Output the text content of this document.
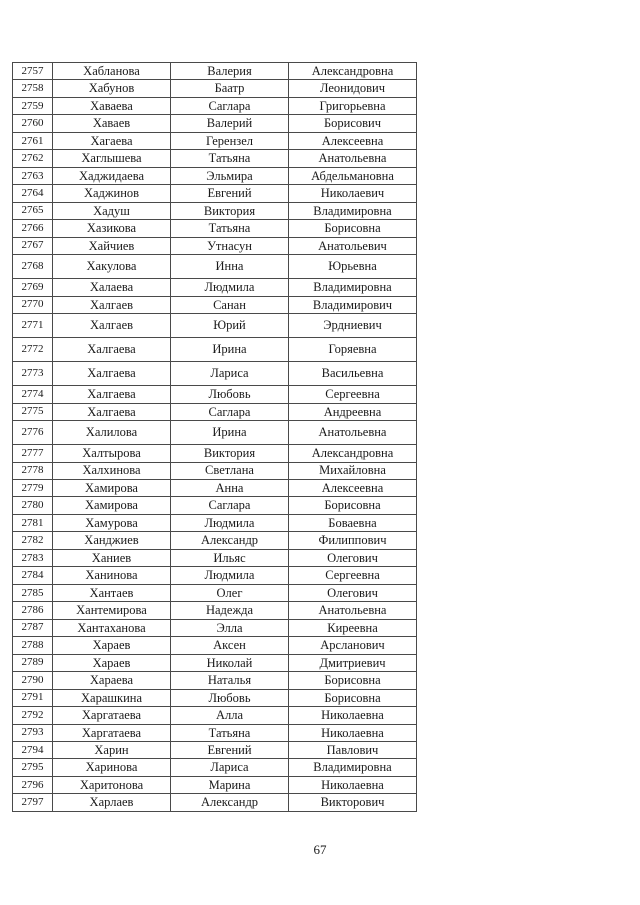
2757	Хабланова	Валерия	Александровна
2758	Хабунов	Баатр	Леонидович
2759	Хаваева	Саглара	Григорьевна
2760	Хаваев	Валерий	Борисович
2761	Хагаева	Герензел	Алексеевна
2762	Хаглышева	Татьяна	Анатольевна
2763	Хаджидаева	Эльмира	Абдельмановна
2764	Хаджинов	Евгений	Николаевич
2765	Хадуш	Виктория	Владимировна
2766	Хазикова	Татьяна	Борисовна
2767	Хайчиев	Утнасун	Анатольевич
2768	Хакулова	Инна	Юрьевна
2769	Халаева	Людмила	Владимировна
2770	Халгаев	Санан	Владимирович
2771	Халгаев	Юрий	Эрдниевич
2772	Халгаева	Ирина	Горяевна
2773	Халгаева	Лариса	Васильевна
2774	Халгаева	Любовь	Сергеевна
2775	Халгаева	Саглара	Андреевна
2776	Халилова	Ирина	Анатольевна
2777	Халтырова	Виктория	Александровна
2778	Халхинова	Светлана	Михайловна
2779	Хамирова	Анна	Алексеевна
2780	Хамирова	Саглара	Борисовна
2781	Хамурова	Людмила	Боваевна
2782	Ханджиев	Александр	Филиппович
2783	Ханиев	Ильяс	Олегович
2784	Ханинова	Людмила	Сергеевна
2785	Хантаев	Олег	Олегович
2786	Хантемирова	Надежда	Анатольевна
2787	Хантаханова	Элла	Киреевна
2788	Хараев	Аксен	Арсланович
2789	Хараев	Николай	Дмитриевич
2790	Хараева	Наталья	Борисовна
2791	Харашкина	Любовь	Борисовна
2792	Харгатаева	Алла	Николаевна
2793	Харгатаева	Татьяна	Николаевна
2794	Харин	Евгений	Павлович
2795	Харинова	Лариса	Владимировна
2796	Харитонова	Марина	Николаевна
2797	Харлаев	Александр	Викторович
67
